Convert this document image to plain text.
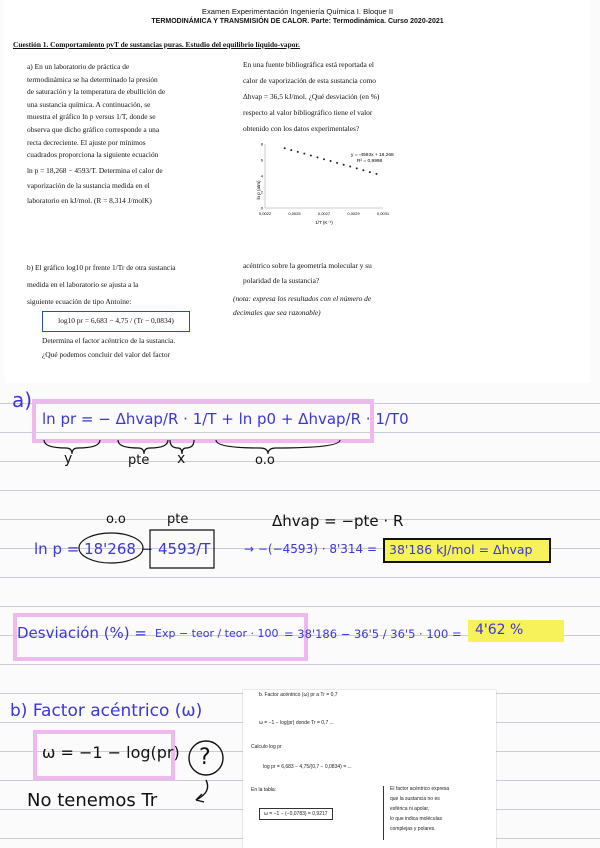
Examen Experimentación Ingeniería Química I. Bloque II
TERMODINÁMICA Y TRANSMISIÓN DE CALOR. Parte: Termodinámica. Curso 2020-2021
Cuestión 1. Comportamiento pvT de sustancias puras. Estudio del equilibrio líquido-vapor.

a) En un laboratorio de práctica de

termodinámica se ha determinado la presión

de saturación y la temperatura de ebullición de

una sustancia química. A continuación, se

muestra el gráfico ln p versus 1/T, donde se

observa que dicho gráfico corresponde a una

recta decreciente. El ajuste por mínimos

cuadrados proporciona la siguiente ecuación

ln p = 18,268 − 4593/T. Determina el calor de

vaporización de la sustancia medida en el

laboratorio en kJ/mol. (R = 8,314 J/molK)

En una fuente bibliográfica está reportada el

calor de vaporización de esta sustancia como

Δhvap = 36,5 kJ/mol. ¿Qué desviación (en %)

respecto al valor bibliográfico tiene el valor

obtenido con los datos experimentales?

ln p (atm)
0
2
4
6
8
0,0022	0,0025	0,0027	0,0029	0,0031
y = -4593x + 18,268
R² = 0,9998
1/T (K⁻¹)

b) El gráfico log10 pr frente 1/Tr de otra sustancia

medida en el laboratorio se ajusta a la

siguiente ecuación de tipo Antoine:

log10 pr = 6,683 − 4,75 / (Tr − 0,0834)

Determina el factor acéntrico de la sustancia.

¿Qué podemos concluir del valor del factor

acéntrico sobre la geometría molecular y su

polaridad de la sustancia?

(nota: expresa los resultados con el número de

decimales que sea razonable)

a)
ln pr = − Δhvap/R · 1/T + ln p0 + Δhvap/R · 1/T0
y	pte x	o.o
o.o	pte	Δhvap = −pte · R
ln p = 18'268 − 4593/T	→ −(−4593) · 8'314 = 38'186 kJ/mol = Δhvap
Desviación (%) = Exp − teor / teor · 100 = 38'186 − 36'5 / 36'5 · 100 = 4'62 %
b) Factor acéntrico (ω)
ω = −1 − log(pr) ?
No tenemos Tr
b. Factor acéntrico (ω) pr a Tr = 0,7
ω = −1 − log(pr) donde Tr = 0,7 ...
Calculo log pr
log pr = 6,683 − 4,75/(0,7 − 0,0834) = ...
En la tabla:
ω = −1 − (−0,0783) = 0,9217
El factor acéntrico expresa
que la sustancia no es
esférica ni apolar,
lo que indica moléculas
complejas y polares.
